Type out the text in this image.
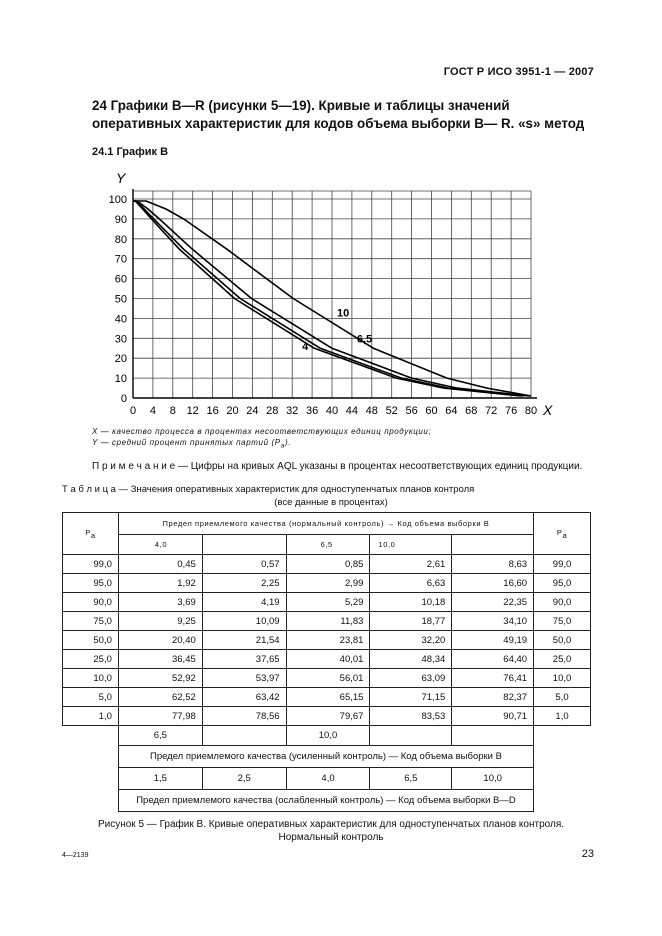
ГОСТ Р ИСО 3951-1 — 2007
24 Графики B—R (рисунки 5—19). Кривые и таблицы значений
оперативных характеристик для кодов объема выборки B— R. «s» метод
24.1 График B
0 4 8 12 16 20 24 28 32 36 40 44 48 52 56 60 64 68 72 76 80
0
10
20
30
40
50
60
70
80
90
100
Y
X
4
6,5
10
X — качество процесса в процентах несоответствующих единиц продукции;
Y — средний процент принятых партий $(P_a)$.
П р и м е ч а н и е — Цифры на кривых AQL указаны в процентах несоответствующих единиц продукции.
Т а б л и ц а — Значения оперативных характеристик для одноступенчатых планов контроля
(все данные в процентах)
$P_a$	Предел приемлемого качества (нормальный контроль) → Код объема выборки B					$P_a$
	4,0		6,5	10,0		
99,0	0,45	0,57	0,85	2,61	8,63	99,0
95,0	1,92	2,25	2,99	6,63	16,60	95,0
90,0	3,69	4,19	5,29	10,18	22,35	90,0
75,0	9,25	10,09	11,83	18,77	34,10	75,0
50,0	20,40	21,54	23,81	32,20	49,19	50,0
25,0	36,45	37,65	40,01	48,34	64,40	25,0
10,0	52,92	53,97	56,01	63,09	76,41	10,0
5,0	62,52	63,42	65,15	71,15	82,37	5,0
1,0	77,98	78,56	79,67	83,53	90,71	1,0
	6,5		10,0			
	Предел приемлемого качества (усиленный контроль) — Код объема выборки B					
	1,5	2,5	4,0	6,5	10,0	
	Предел приемлемого качества (ослабленный контроль) — Код объема выборки B—D					
Рисунок 5 — График B. Кривые оперативных характеристик для одноступенчатых планов контроля.
Нормальный контроль
4—2139	23
